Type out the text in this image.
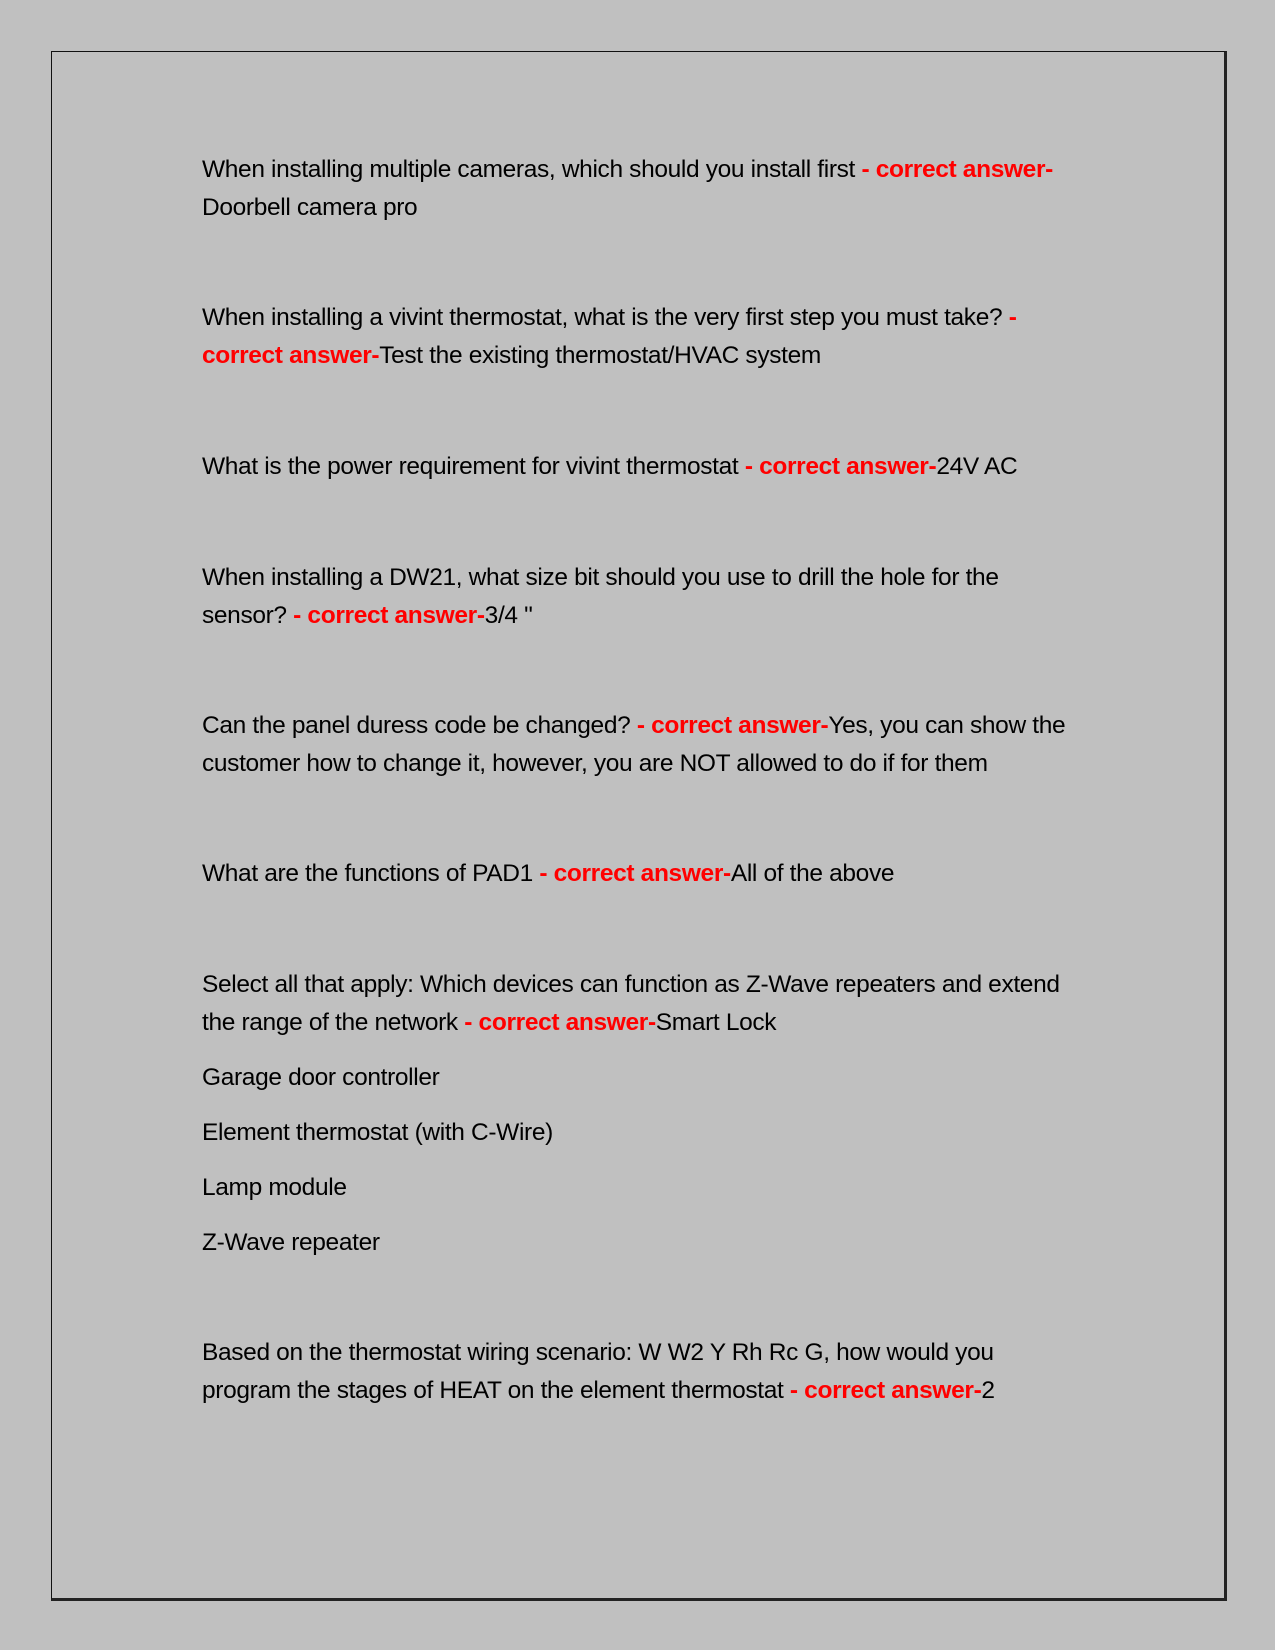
When installing multiple cameras, which should you install first - correct answer-
Doorbell camera pro
When installing a vivint thermostat, what is the very first step you must take? -
correct answer-Test the existing thermostat/HVAC system
What is the power requirement for vivint thermostat - correct answer-24V AC
When installing a DW21, what size bit should you use to drill the hole for the
sensor? - correct answer-3/4 "
Can the panel duress code be changed? - correct answer-Yes, you can show the
customer how to change it, however, you are NOT allowed to do if for them
What are the functions of PAD1 - correct answer-All of the above
Select all that apply: Which devices can function as Z-Wave repeaters and extend
the range of the network - correct answer-Smart Lock
Garage door controller
Element thermostat (with C-Wire)
Lamp module
Z-Wave repeater
Based on the thermostat wiring scenario: W W2 Y Rh Rc G, how would you
program the stages of HEAT on the element thermostat - correct answer-2
